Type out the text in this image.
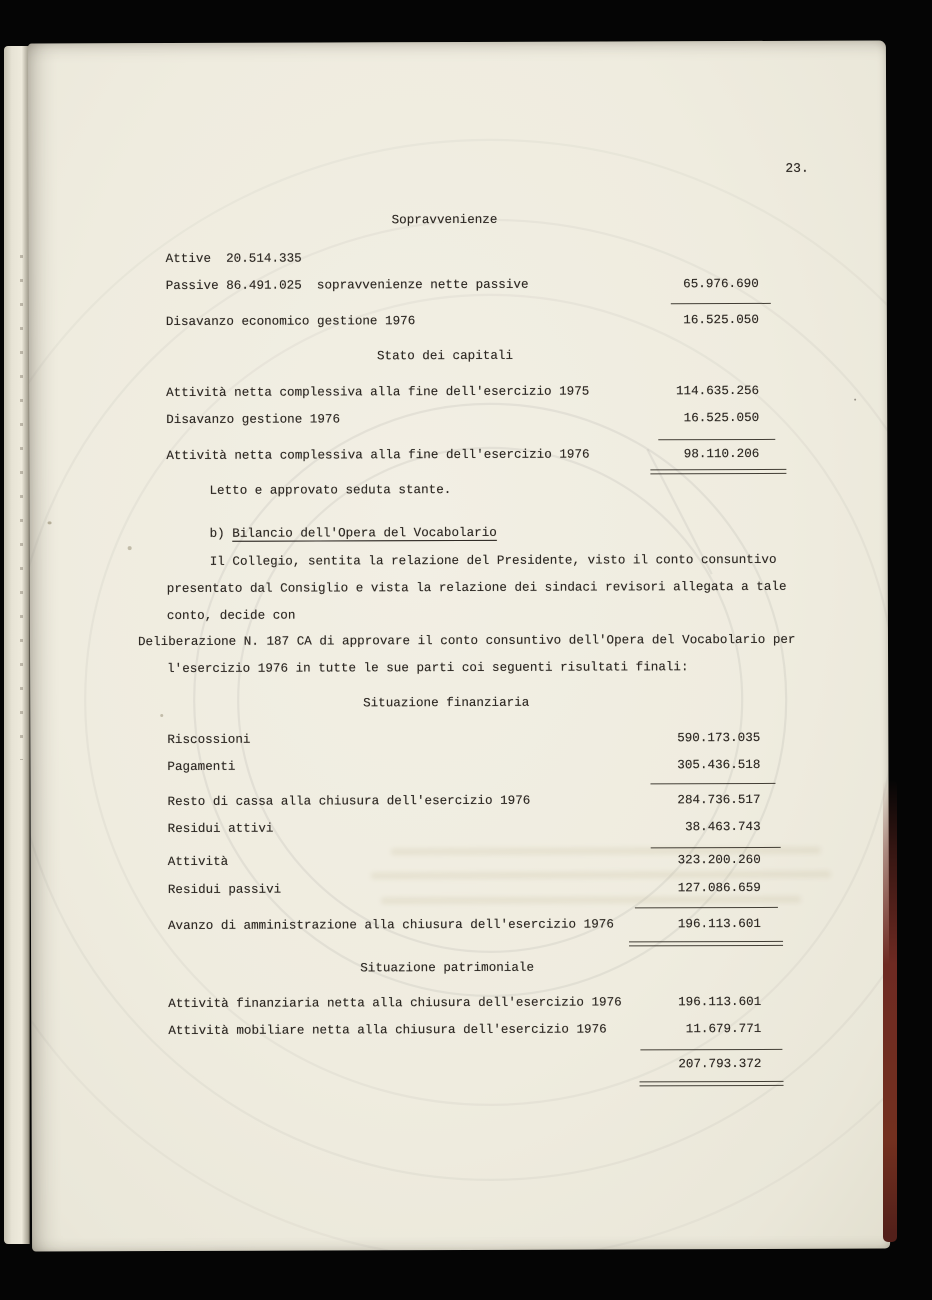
23.
Sopravvenienze
Attive  20.514.335
Passive 86.491.025  sopravvenienze nette passive	65.976.690
Disavanzo economico gestione 1976	16.525.050
Stato dei capitali
Attività netta complessiva alla fine dell'esercizio 1975	114.635.256
Disavanzo gestione 1976	16.525.050
Attività netta complessiva alla fine dell'esercizio 1976	98.110.206
Letto e approvato seduta stante.
b) Bilancio dell'Opera del Vocabolario
Il Collegio, sentita la relazione del Presidente, visto il conto consuntivo
presentato dal Consiglio e vista la relazione dei sindaci revisori allegata a tale
conto, decide con
Deliberazione N. 187 CA di approvare il conto consuntivo dell'Opera del Vocabolario per
l'esercizio 1976 in tutte le sue parti coi seguenti risultati finali:
Situazione finanziaria
Riscossioni	590.173.035
Pagamenti	305.436.518
Resto di cassa alla chiusura dell'esercizio 1976	284.736.517
Residui attivi	38.463.743
Attività	323.200.260
Residui passivi	127.086.659
Avanzo di amministrazione alla chiusura dell'esercizio 1976	196.113.601
Situazione patrimoniale
Attività finanziaria netta alla chiusura dell'esercizio 1976	196.113.601
Attività mobiliare netta alla chiusura dell'esercizio 1976	11.679.771
207.793.372
